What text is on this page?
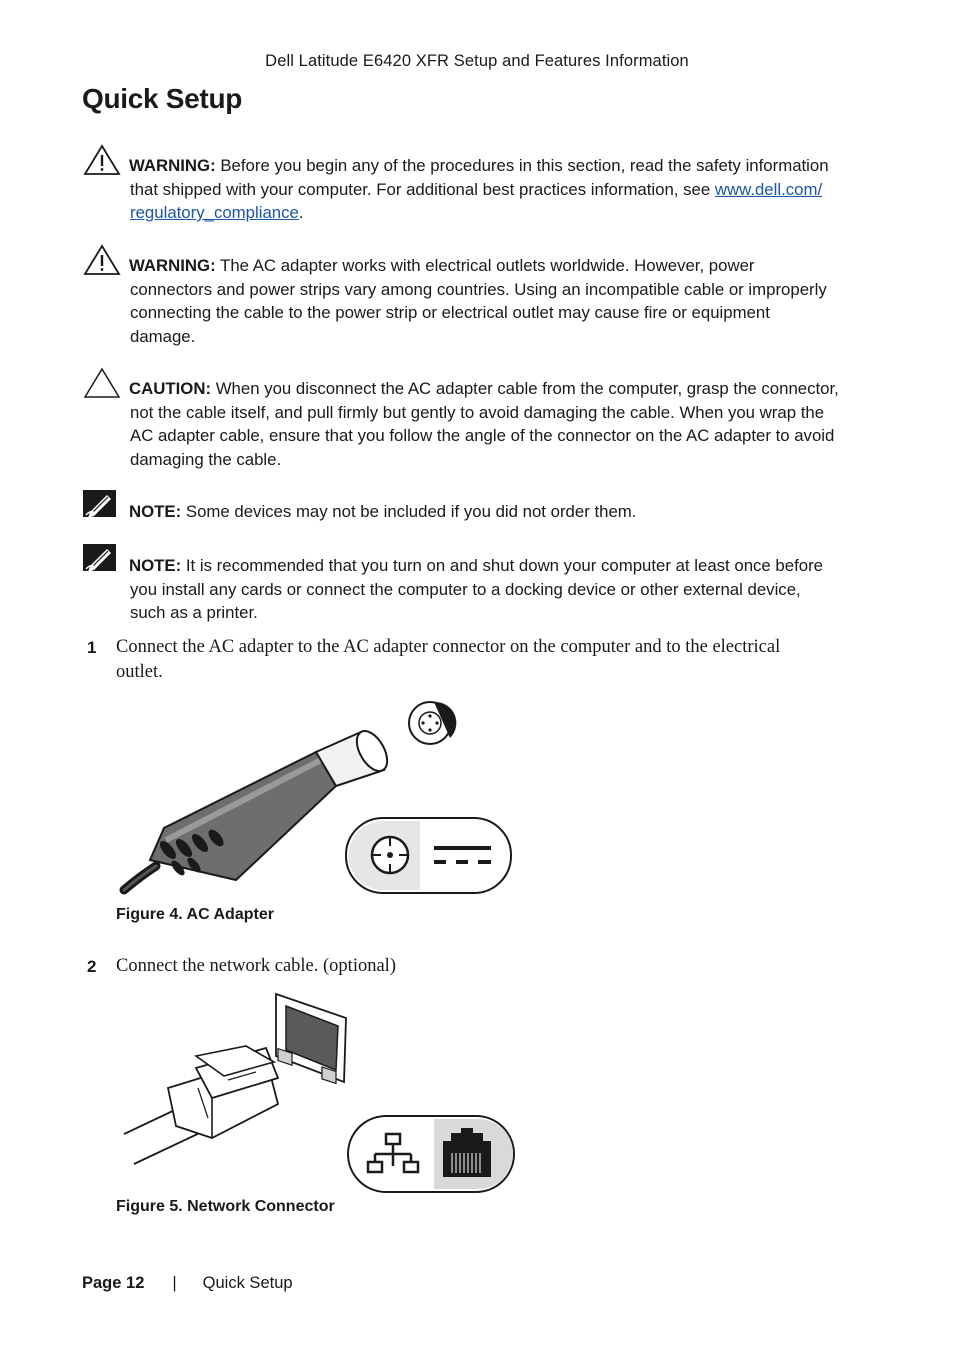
Dell Latitude E6420 XFR Setup and Features Information
Quick Setup
WARNING: Before you begin any of the procedures in this section, read the safety information
that shipped with your computer. For additional best practices information, see www.dell.com/
regulatory_compliance.
WARNING: The AC adapter works with electrical outlets worldwide. However, power
connectors and power strips vary among countries. Using an incompatible cable or improperly
connecting the cable to the power strip or electrical outlet may cause fire or equipment
damage.
CAUTION: When you disconnect the AC adapter cable from the computer, grasp the connector,
not the cable itself, and pull firmly but gently to avoid damaging the cable. When you wrap the
AC adapter cable, ensure that you follow the angle of the connector on the AC adapter to avoid
damaging the cable.
NOTE: Some devices may not be included if you did not order them.
NOTE: It is recommended that you turn on and shut down your computer at least once before
you install any cards or connect the computer to a docking device or other external device,
such as a printer.
1	Connect the AC adapter to the AC adapter connector on the computer and to the electrical
outlet.
Figure 4. AC Adapter
2	Connect the network cable. (optional)
Figure 5. Network Connector
Page 12 | Quick Setup
